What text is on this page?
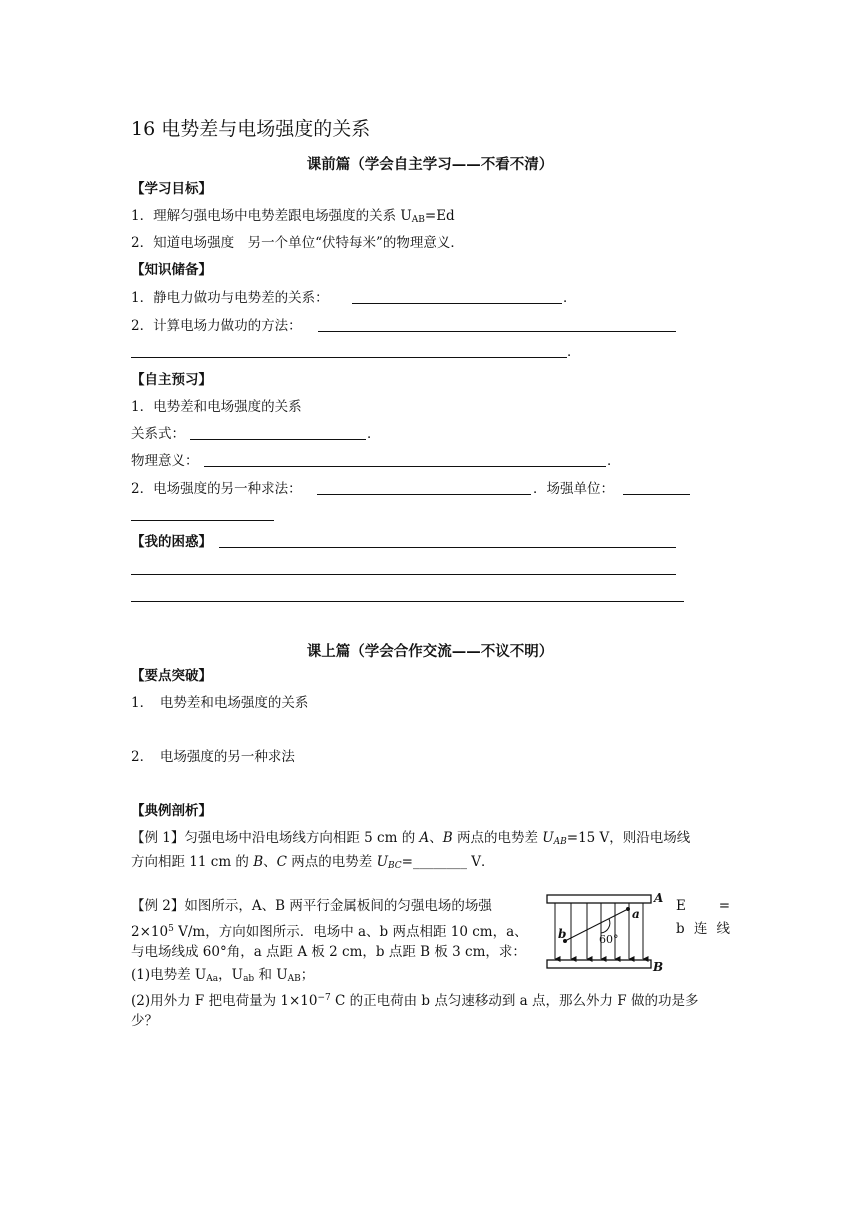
16 电势差与电场强度的关系
课前篇（学会自主学习——不看不清）
【学习目标】
1．理解匀强电场中电势差跟电场强度的关系 $U_{AB}=Ed$
2．知道电场强度　另一个单位“伏特每米”的物理意义．
【知识储备】
1．静电力做功与电势差的关系：	．
2．计算电场力做功的方法：
．
【自主预习】
1．电势差和电场强度的关系
关系式：	．
物理意义：	．
2．电场强度的另一种求法：	．场强单位：
【我的困惑】
课上篇（学会合作交流——不议不明）
【要点突破】
1．　电势差和电场强度的关系
2．　电场强度的另一种求法
【典例剖析】
【例 1】匀强电场中沿电场线方向相距 5 cm 的 A、B 两点的电势差 $U_{AB}=15$ V，则沿电场线
方向相距 11 cm 的 B、C 两点的电势差 $U_{BC}=\_\_\_\_\_\_\_\_$ V．
【例 2】如图所示，A、B 两平行金属板间的匀强电场的场强	E =
$2\times 10^5$ V/m，方向如图所示．电场中 a、b 两点相距 10 cm，a、	b 连 线
与电场线成 60°角，a 点距 A 板 2 cm，b 点距 B 板 3 cm，求：
(1)电势差 $U_{Aa}$，$U_{ab}$ 和 $U_{AB}$；
(2)用外力 F 把电荷量为 $1\times 10^{-7}$ C 的正电荷由 b 点匀速移动到 a 点，那么外力 F 做的功是多
少？
A
B
a
b	60°
